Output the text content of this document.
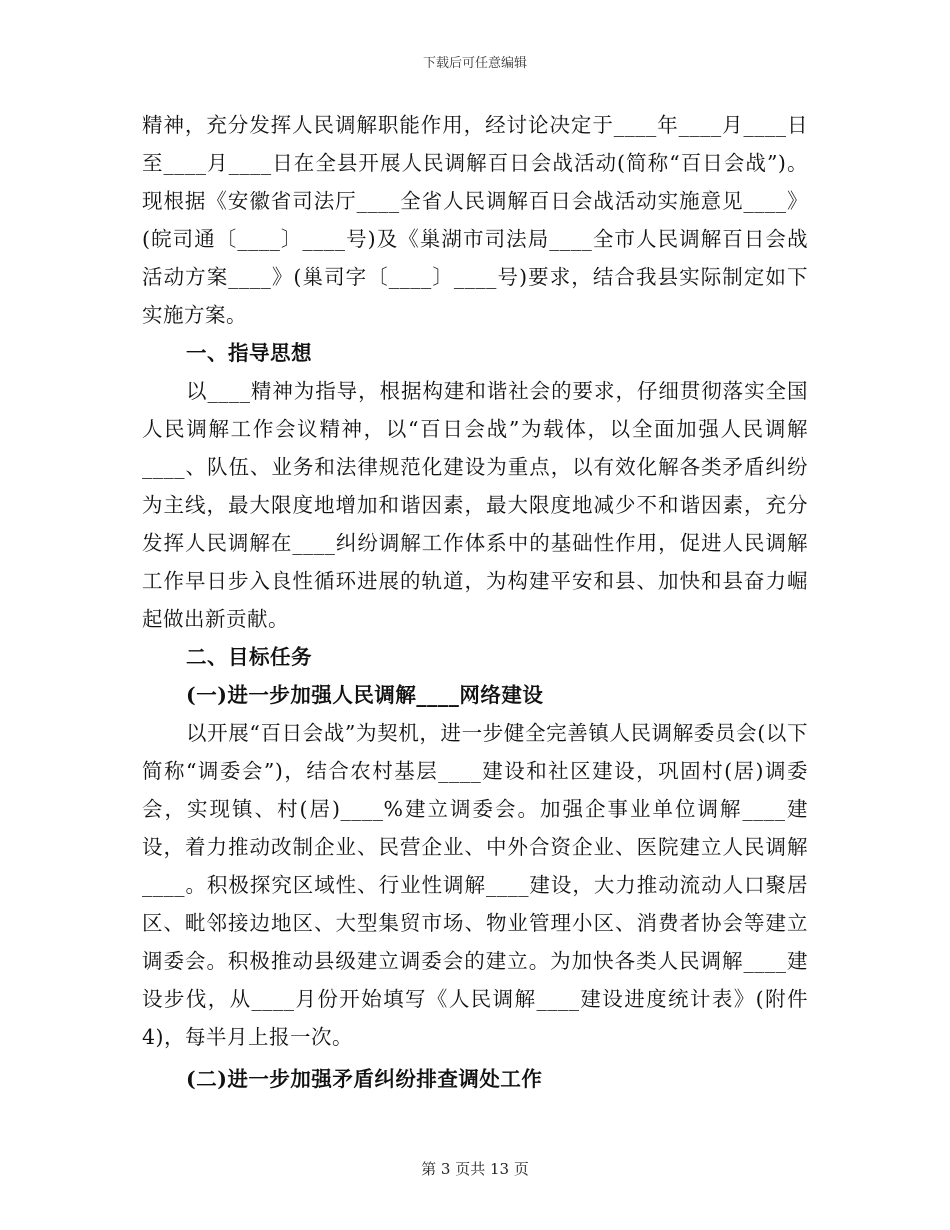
下载后可任意编辑

精神，充分发挥人民调解职能作用，经讨论决定于____年____月____日至____月____日在全县开展人民调解百日会战活动(简称“百日会战”)。现根据《安徽省司法厅____全省人民调解百日会战活动实施意见____》(皖司通〔____〕____号)及《巢湖市司法局____全市人民调解百日会战活动方案____》(巢司字〔____〕____号)要求，结合我县实际制定如下实施方案。

一、指导思想

以____精神为指导，根据构建和谐社会的要求，仔细贯彻落实全国人民调解工作会议精神，以“百日会战”为载体，以全面加强人民调解____、队伍、业务和法律规范化建设为重点，以有效化解各类矛盾纠纷为主线，最大限度地增加和谐因素，最大限度地减少不和谐因素，充分发挥人民调解在____纠纷调解工作体系中的基础性作用，促进人民调解工作早日步入良性循环进展的轨道，为构建平安和县、加快和县奋力崛起做出新贡献。

二、目标任务

(一)进一步加强人民调解____网络建设

以开展“百日会战”为契机，进一步健全完善镇人民调解委员会(以下简称“调委会”)，结合农村基层____建设和社区建设，巩固村(居)调委会，实现镇、村(居)____%建立调委会。加强企事业单位调解____建设，着力推动改制企业、民营企业、中外合资企业、医院建立人民调解____。积极探究区域性、行业性调解____建设，大力推动流动人口聚居区、毗邻接边地区、大型集贸市场、物业管理小区、消费者协会等建立调委会。积极推动县级建立调委会的建立。为加快各类人民调解____建设步伐，从____月份开始填写《人民调解____建设进度统计表》(附件4)，每半月上报一次。

(二)进一步加强矛盾纠纷排查调处工作

第 3 页共 13 页
